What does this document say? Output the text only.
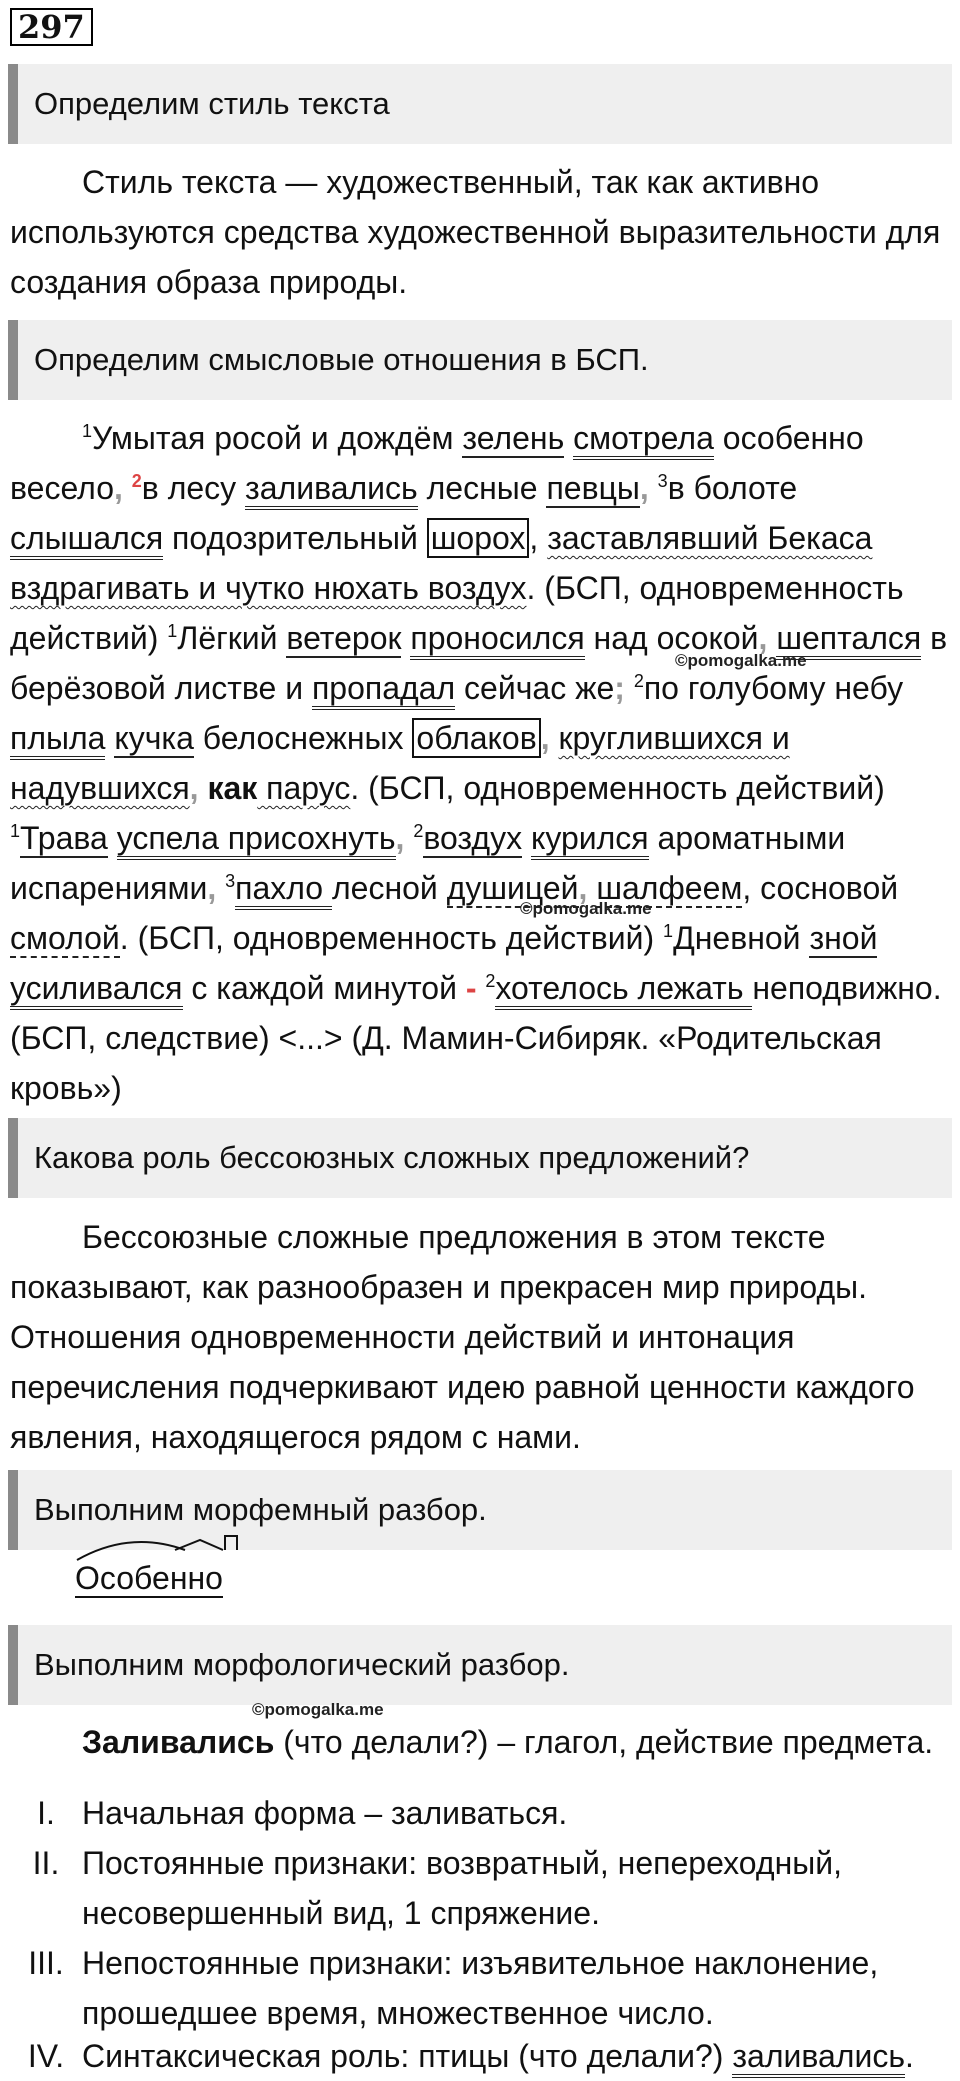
297
Определим стиль текста
Стиль текста — художественный, так как активно используются средства художественной выразительности для создания образа природы.
Определим смысловые отношения в БСП.
$^1$Умытая росой и дождём зелень смотрела особенно весело, $^2$в лесу заливались лесные певцы, $^3$в болоте слышался подозрительный шорох , заставлявший Бекаса вздрагивать и чутко нюхать воздух. (БСП, одновременность действий) $^1$Лёгкий ветерок проносился над осокой, шептался в берёзовой листве и пропадал сейчас же; $^2$по голубому небу плыла кучка белоснежных облаков , круглившихся и надувшихся, как парус. (БСП, одновременность действий) $^1$Трава успела присохнуть, $^2$воздух курился ароматными испарениями, $^3$пахло лесной душицей, шалфеем, сосновой смолой. (БСП, одновременность действий) $^1$Дневной зной усиливался с каждой минутой - $^2$хотелось лежать неподвижно. (БСП, следствие) <...> (Д. Мамин-Сибиряк. «Родительская кровь»)
©pomogalka.me
©pomogalka.me
Какова роль бессоюзных сложных предложений?
Бессоюзные сложные предложения в этом тексте показывают, как разнообразен и прекрасен мир природы. Отношения одновременности действий и интонация перечисления подчеркивают идею равной ценности каждого явления, находящегося рядом с нами.
Выполним морфемный разбор.
Особенно
Выполним морфологический разбор.
©pomogalka.me
Заливались (что делали?) – глагол, действие предмета.
I. Начальная форма – заливаться.
II. Постоянные признаки: возвратный, непереходный,
несовершенный вид, 1 спряжение.
III. Непостоянные признаки: изъявительное наклонение,
прошедшее время, множественное число.
IV. Синтаксическая роль: птицы (что делали?) заливались.
